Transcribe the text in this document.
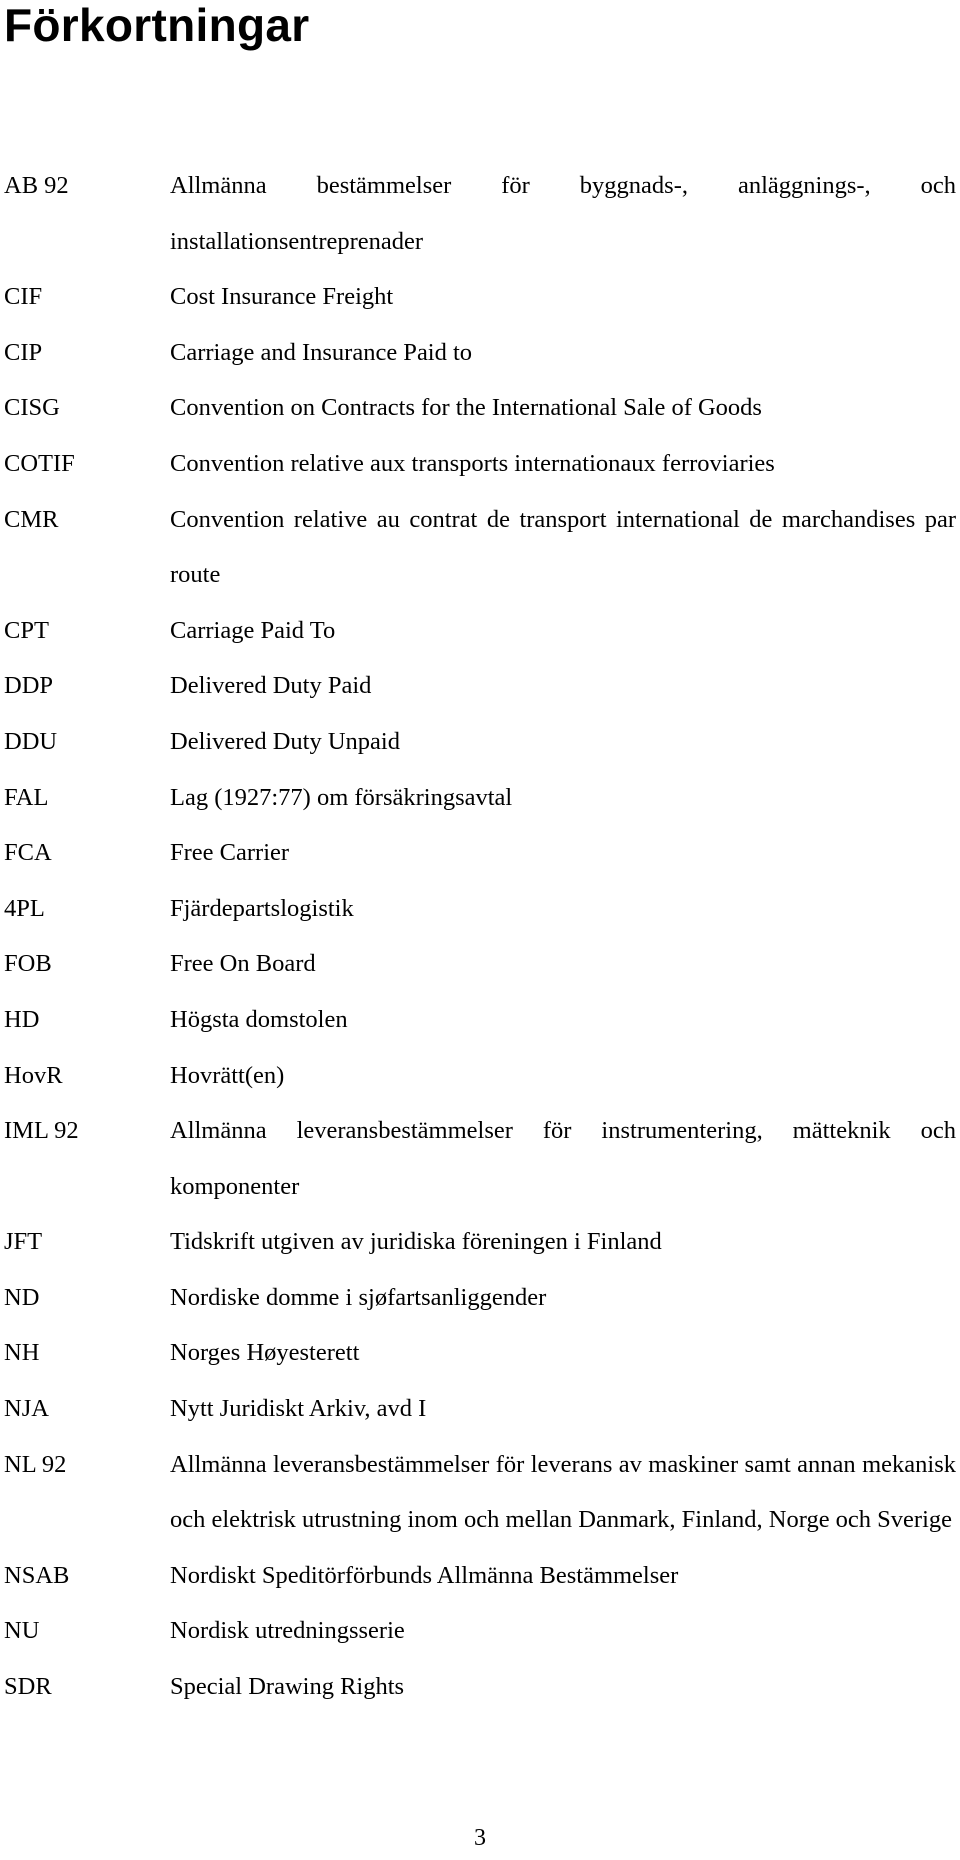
Förkortningar
AB 92	Allmänna bestämmelser för byggnads-, anläggnings-, och installationsentreprenader
CIF	Cost Insurance Freight
CIP	Carriage and Insurance Paid to
CISG	Convention on Contracts for the International Sale of Goods
COTIF	Convention relative aux transports internationaux ferroviaries
CMR	Convention relative au contrat de transport international de marchandises par route
CPT	Carriage Paid To
DDP	Delivered Duty Paid
DDU	Delivered Duty Unpaid
FAL	Lag (1927:77) om försäkringsavtal
FCA	Free Carrier
4PL	Fjärdepartslogistik
FOB	Free On Board
HD	Högsta domstolen
HovR	Hovrätt(en)
IML 92	Allmänna leveransbestämmelser för instrumentering, mätteknik och komponenter
JFT	Tidskrift utgiven av juridiska föreningen i Finland
ND	Nordiske domme i sjøfartsanliggender
NH	Norges Høyesterett
NJA	Nytt Juridiskt Arkiv, avd I
NL 92	Allmänna leveransbestämmelser för leverans av maskiner samt annan mekanisk och elektrisk utrustning inom och mellan Danmark, Finland, Norge och Sverige
NSAB	Nordiskt Speditörförbunds Allmänna Bestämmelser
NU	Nordisk utredningsserie
SDR	Special Drawing Rights
3
